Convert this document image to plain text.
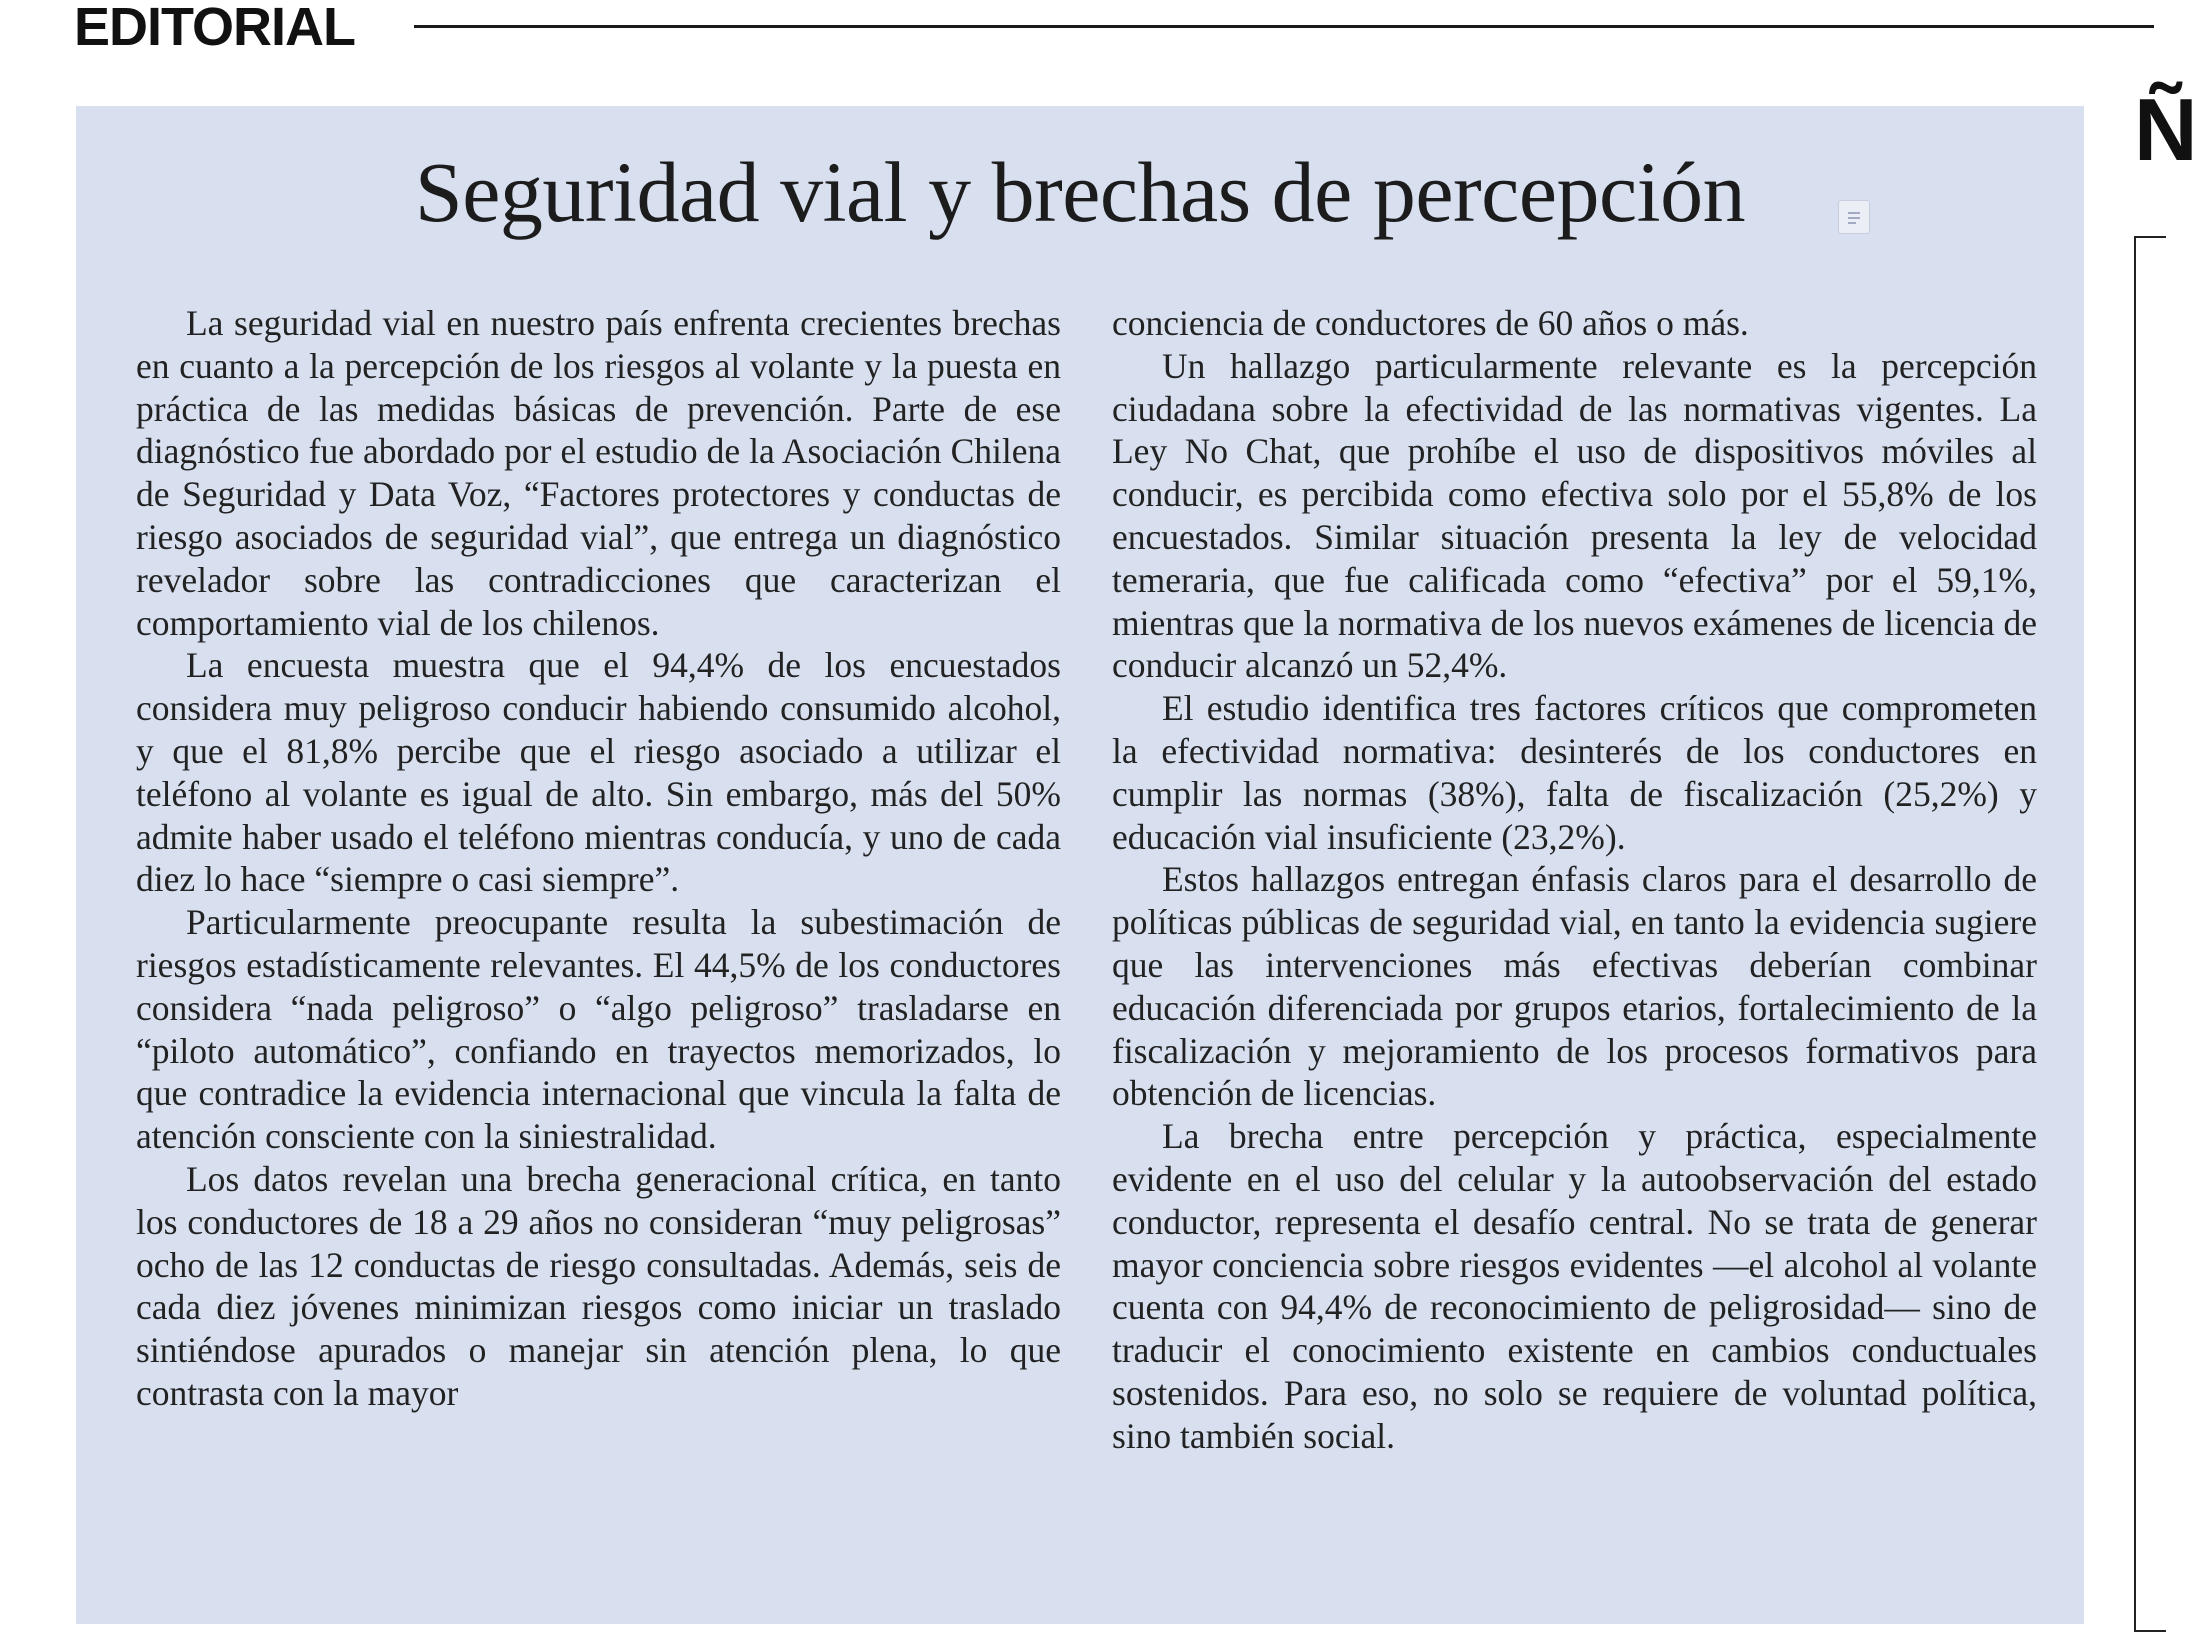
EDITORIAL
Seguridad vial y brechas de percepción

La seguridad vial en nuestro país enfrenta crecientes brechas en cuanto a la percepción de los riesgos al volante y la puesta en práctica de las medidas básicas de prevención. Parte de ese diagnóstico fue abordado por el estudio de la Asociación Chilena de Seguridad y Data Voz, “Factores protectores y conductas de riesgo asociados de seguridad vial”, que entrega un diagnóstico revelador sobre las contradicciones que caracterizan el comportamiento vial de los chilenos.

La encuesta muestra que el 94,4% de los encuestados considera muy peligroso conducir habiendo consumido alcohol, y que el 81,8% percibe que el riesgo asociado a utilizar el teléfono al volante es igual de alto. Sin embargo, más del 50% admite haber usado el teléfono mientras conducía, y uno de cada diez lo hace “siempre o casi siempre”.

Particularmente preocupante resulta la subestimación de riesgos estadísticamente relevantes. El 44,5% de los conductores considera “nada peligroso” o “algo peligroso” trasladarse en “piloto automático”, confiando en trayectos memorizados, lo que contradice la evidencia internacional que vincula la falta de atención consciente con la siniestralidad.

Los datos revelan una brecha generacional crítica, en tanto los conductores de 18 a 29 años no consideran “muy peligrosas” ocho de las 12 conductas de riesgo consultadas. Además, seis de cada diez jóvenes minimizan riesgos como iniciar un traslado sintiéndose apurados o manejar sin atención plena, lo que contrasta con la mayor

conciencia de conductores de 60 años o más.

Un hallazgo particularmente relevante es la percepción ciudadana sobre la efectividad de las normativas vigentes. La Ley No Chat, que prohíbe el uso de dispositivos móviles al conducir, es percibida como efectiva solo por el 55,8% de los encuestados. Similar situación presenta la ley de velocidad temeraria, que fue calificada como “efectiva” por el 59,1%, mientras que la normativa de los nuevos exámenes de licencia de conducir alcanzó un 52,4%.

El estudio identifica tres factores críticos que comprometen la efectividad normativa: desinterés de los conductores en cumplir las normas (38%), falta de fiscalización (25,2%) y educación vial insuficiente (23,2%).

Estos hallazgos entregan énfasis claros para el desarrollo de políticas públicas de seguridad vial, en tanto la evidencia sugiere que las intervenciones más efectivas deberían combinar educación diferenciada por grupos etarios, fortalecimiento de la fiscalización y mejoramiento de los procesos formativos para obtención de licencias.

La brecha entre percepción y práctica, especialmente evidente en el uso del celular y la autoobservación del estado conductor, representa el desafío central. No se trata de generar mayor conciencia sobre riesgos evidentes —el alcohol al volante cuenta con 94,4% de reconocimiento de peligrosidad— sino de traducir el conocimiento existente en cambios conductuales sostenidos. Para eso, no solo se requiere de voluntad política, sino también social.

Ñ
